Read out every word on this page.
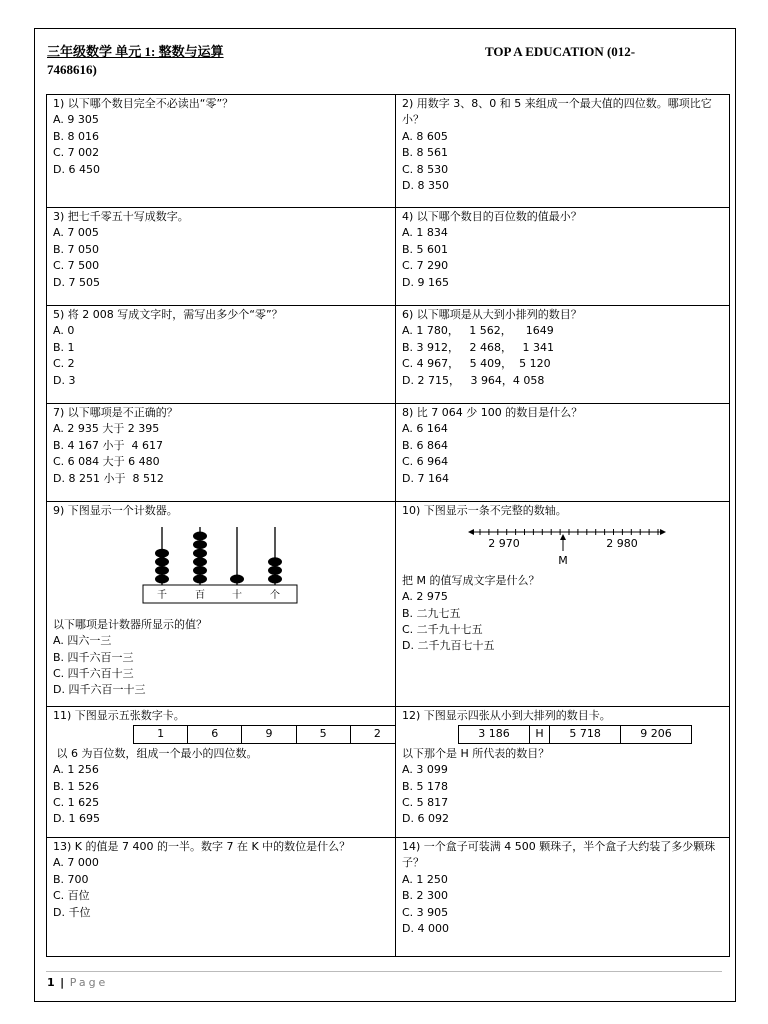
三年级数学 单元 1: 整数与运算	TOP A EDUCATION (012-
7468616)
1) 以下哪个数目完全不必读出“零”？
A. 9 305
B. 8 016
C. 7 002
D. 6 450

2) 用数字 3、8、0 和 5 来组成一个最大值的四位数。哪项比它小？
A. 8 605
B. 8 561
C. 8 530
D. 8 350

3) 把七千零五十写成数字。
A. 7 005
B. 7 050
C. 7 500
D. 7 505

4) 以下哪个数目的百位数的值最小？
A. 1 834
B. 5 601
C. 7 290
D. 9 165

5) 将 2 008 写成文字时，需写出多少个“零”？
A. 0
B. 1
C. 2
D. 3

6) 以下哪项是从大到小排列的数目？
A. 1 780，   1 562，    1649
B. 3 912，   2 468，   1 341
C. 4 967，   5 409，  5 120
D. 2 715，   3 964，4 058

7) 以下哪项是不正确的？
A. 2 935 大于 2 395
B. 4 167 小于  4 617
C. 6 084 大于 6 480
D. 8 251 小于  8 512

8) 比 7 064 少 100 的数目是什么？
A. 6 164
B. 6 864
C. 6 964
D. 7 164

9) 下图显示一个计数器。
千	百	十	个
以下哪项是计数器所显示的值？
A. 四六一三
B. 四千六百一三
C. 四千六百十三
D. 四千六百一十三

10) 下图显示一条不完整的数轴。
2 970	2 980
M
把 M 的值写成文字是什么？
A. 2 975
B. 二九七五
C. 二千九十七五
D. 二千九百七十五

11) 下图显示五张数字卡。
1	6	9	5	2
以 6 为百位数，组成一个最小的四位数。
A. 1 256
B. 1 526
C. 1 625
D. 1 695

12) 下图显示四张从小到大排列的数目卡。
3 186	H	5 718	9 206
以下那个是 H 所代表的数目？
A. 3 099
B. 5 178
C. 5 817
D. 6 092

13) K 的值是 7 400 的一半。数字 7 在 K 中的数位是什么？
A. 7 000
B. 700
C. 百位
D. 千位

14) 一个盒子可装满 4 500 颗珠子，半个盒子大约装了多少颗珠子？
A. 1 250
B. 2 300
C. 3 905
D. 4 000
1 | Page
